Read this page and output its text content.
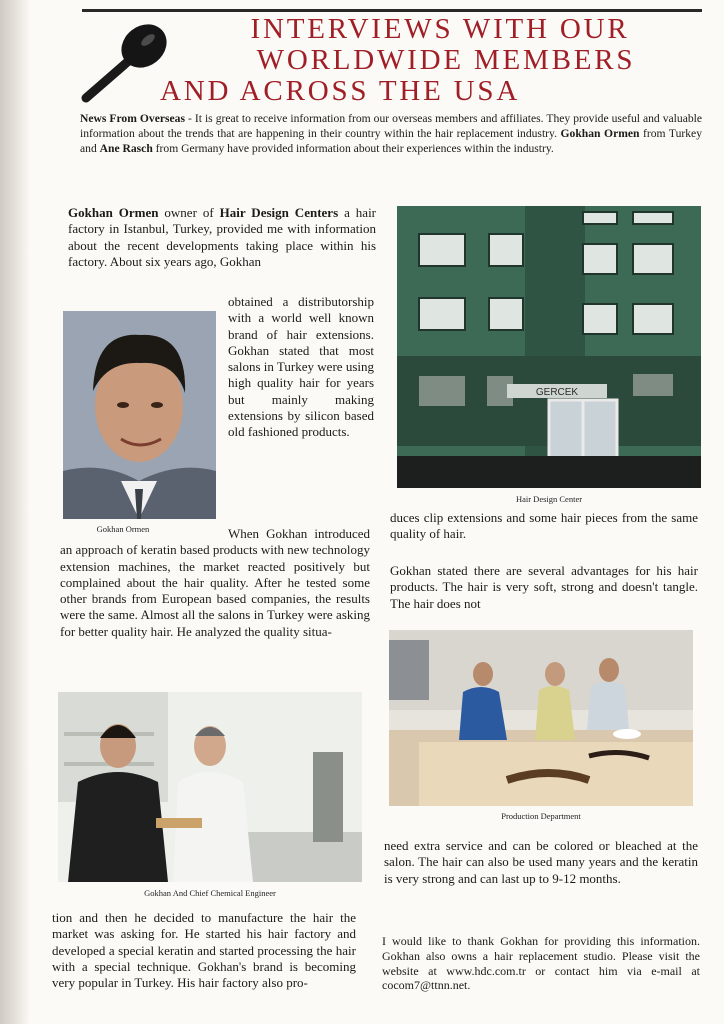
INTERVIEWS WITH OUR
WORLDWIDE MEMBERS
AND ACROSS THE USA
News From Overseas - It is great to receive information from our overseas members and affiliates. They provide useful and valuable information about the trends that are happening in their country within the hair replacement industry. Gokhan Ormen from Turkey and Ane Rasch from Germany have provided information about their experiences within the industry.
Gokhan Ormen owner of Hair Design Centers a hair factory in Istanbul, Turkey, provided me with information about the recent developments taking place within his factory. About six years ago, Gokhan
obtained a distributorship with a world well known brand of hair extensions. Gokhan stated that most salons in Turkey were using high quality hair for years but mainly making extensions by silicon based old fashioned products.
Gokhan Ormen	When Gokhan introduced an approach of keratin based products with new technology extension machines, the market reacted positively but complained about the hair quality. After he tested some other brands from European based companies, the results were the same. Almost all the salons in Turkey were asking for better quality hair. He analyzed the quality situa-
Gokhan And Chief Chemical Engineer
GERCEK
Hair Design Center
duces clip extensions and some hair pieces from the same quality of hair.
Gokhan stated there are several advantages for his hair products. The hair is very soft, strong and doesn't tangle. The hair does not
Production Department
I would like to thank Gokhan for providing this information. Gokhan also owns a hair replacement studio. Please visit the website at www.hdc.com.tr or contact him via e-mail at cocom7@ttnn.net.
tion and then he decided to manufacture the hair the market was asking for. He started his hair factory and developed a special keratin and started processing the hair with a special technique. Gokhan's brand is becoming very popular in Turkey. His hair factory also pro-
need extra service and can be colored or bleached at the salon. The hair can also be used many years and the keratin is very strong and can last up to 9-12 months.
